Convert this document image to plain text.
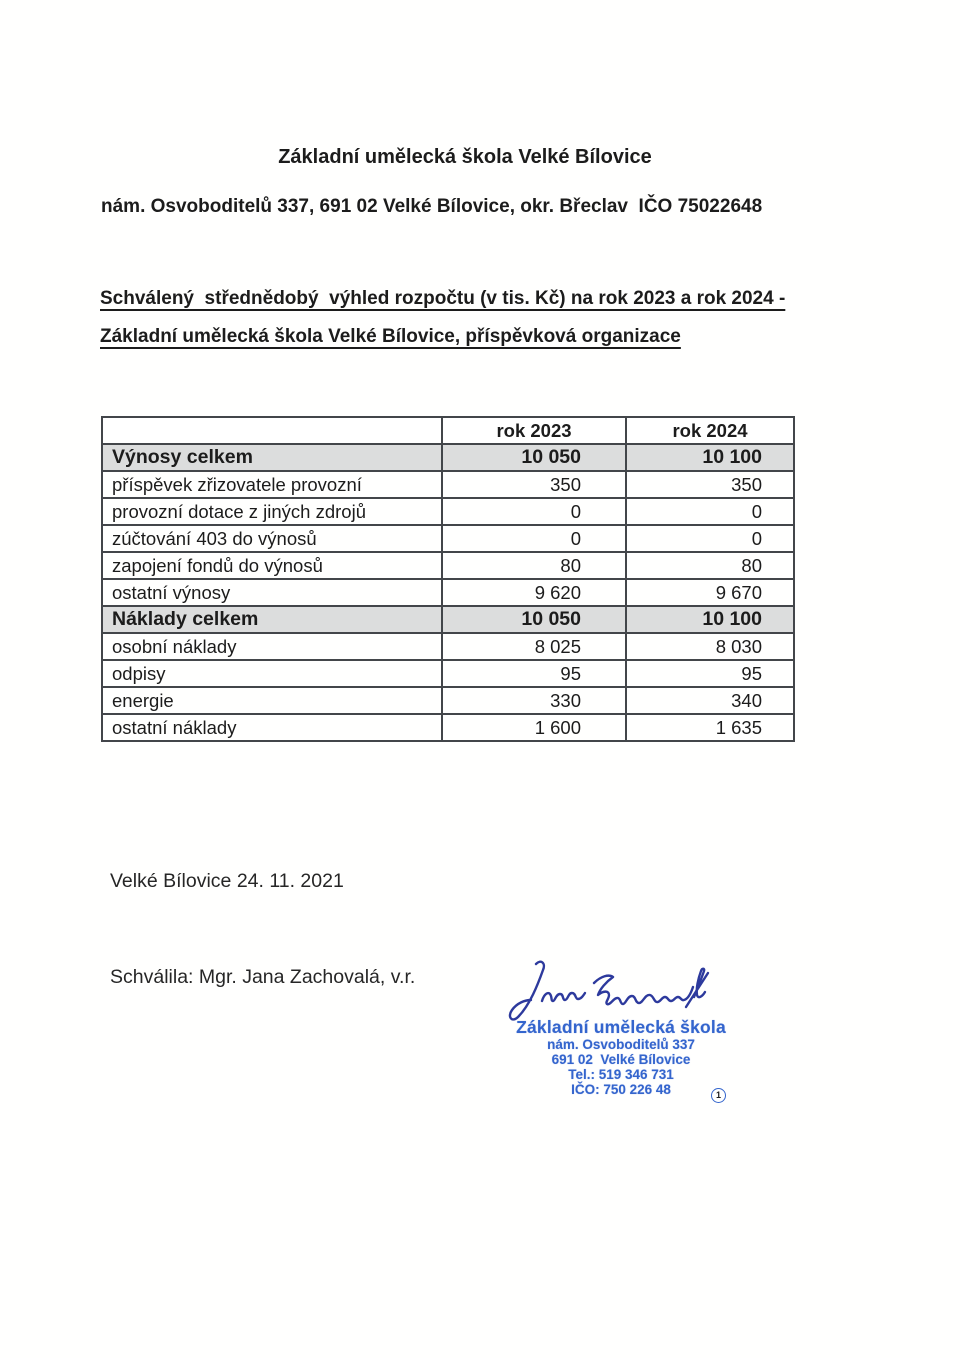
Základní umělecká škola Velké Bílovice
nám. Osvoboditelů 337, 691 02 Velké Bílovice, okr. Břeclav  IČO 75022648
Schválený  střednědobý  výhled rozpočtu (v tis. Kč) na rok 2023 a rok 2024 -
Základní umělecká škola Velké Bílovice, příspěvková organizace
	rok 2023	rok 2024
Výnosy celkem	10 050	10 100
příspěvek zřizovatele provozní	350	350
provozní dotace z jiných zdrojů	0	0
zúčtování 403 do výnosů	0	0
zapojení fondů do výnosů	80	80
ostatní výnosy	9 620	9 670
Náklady celkem	10 050	10 100
osobní náklady	8 025	8 030
odpisy	95	95
energie	330	340
ostatní náklady	1 600	1 635
Velké Bílovice 24. 11. 2021
Schválila: Mgr. Jana Zachovalá, v.r.
Základní umělecká škola
nám. Osvoboditelů 337
691 02  Velké Bílovice
Tel.: 519 346 731
IČO: 750 226 48	1
